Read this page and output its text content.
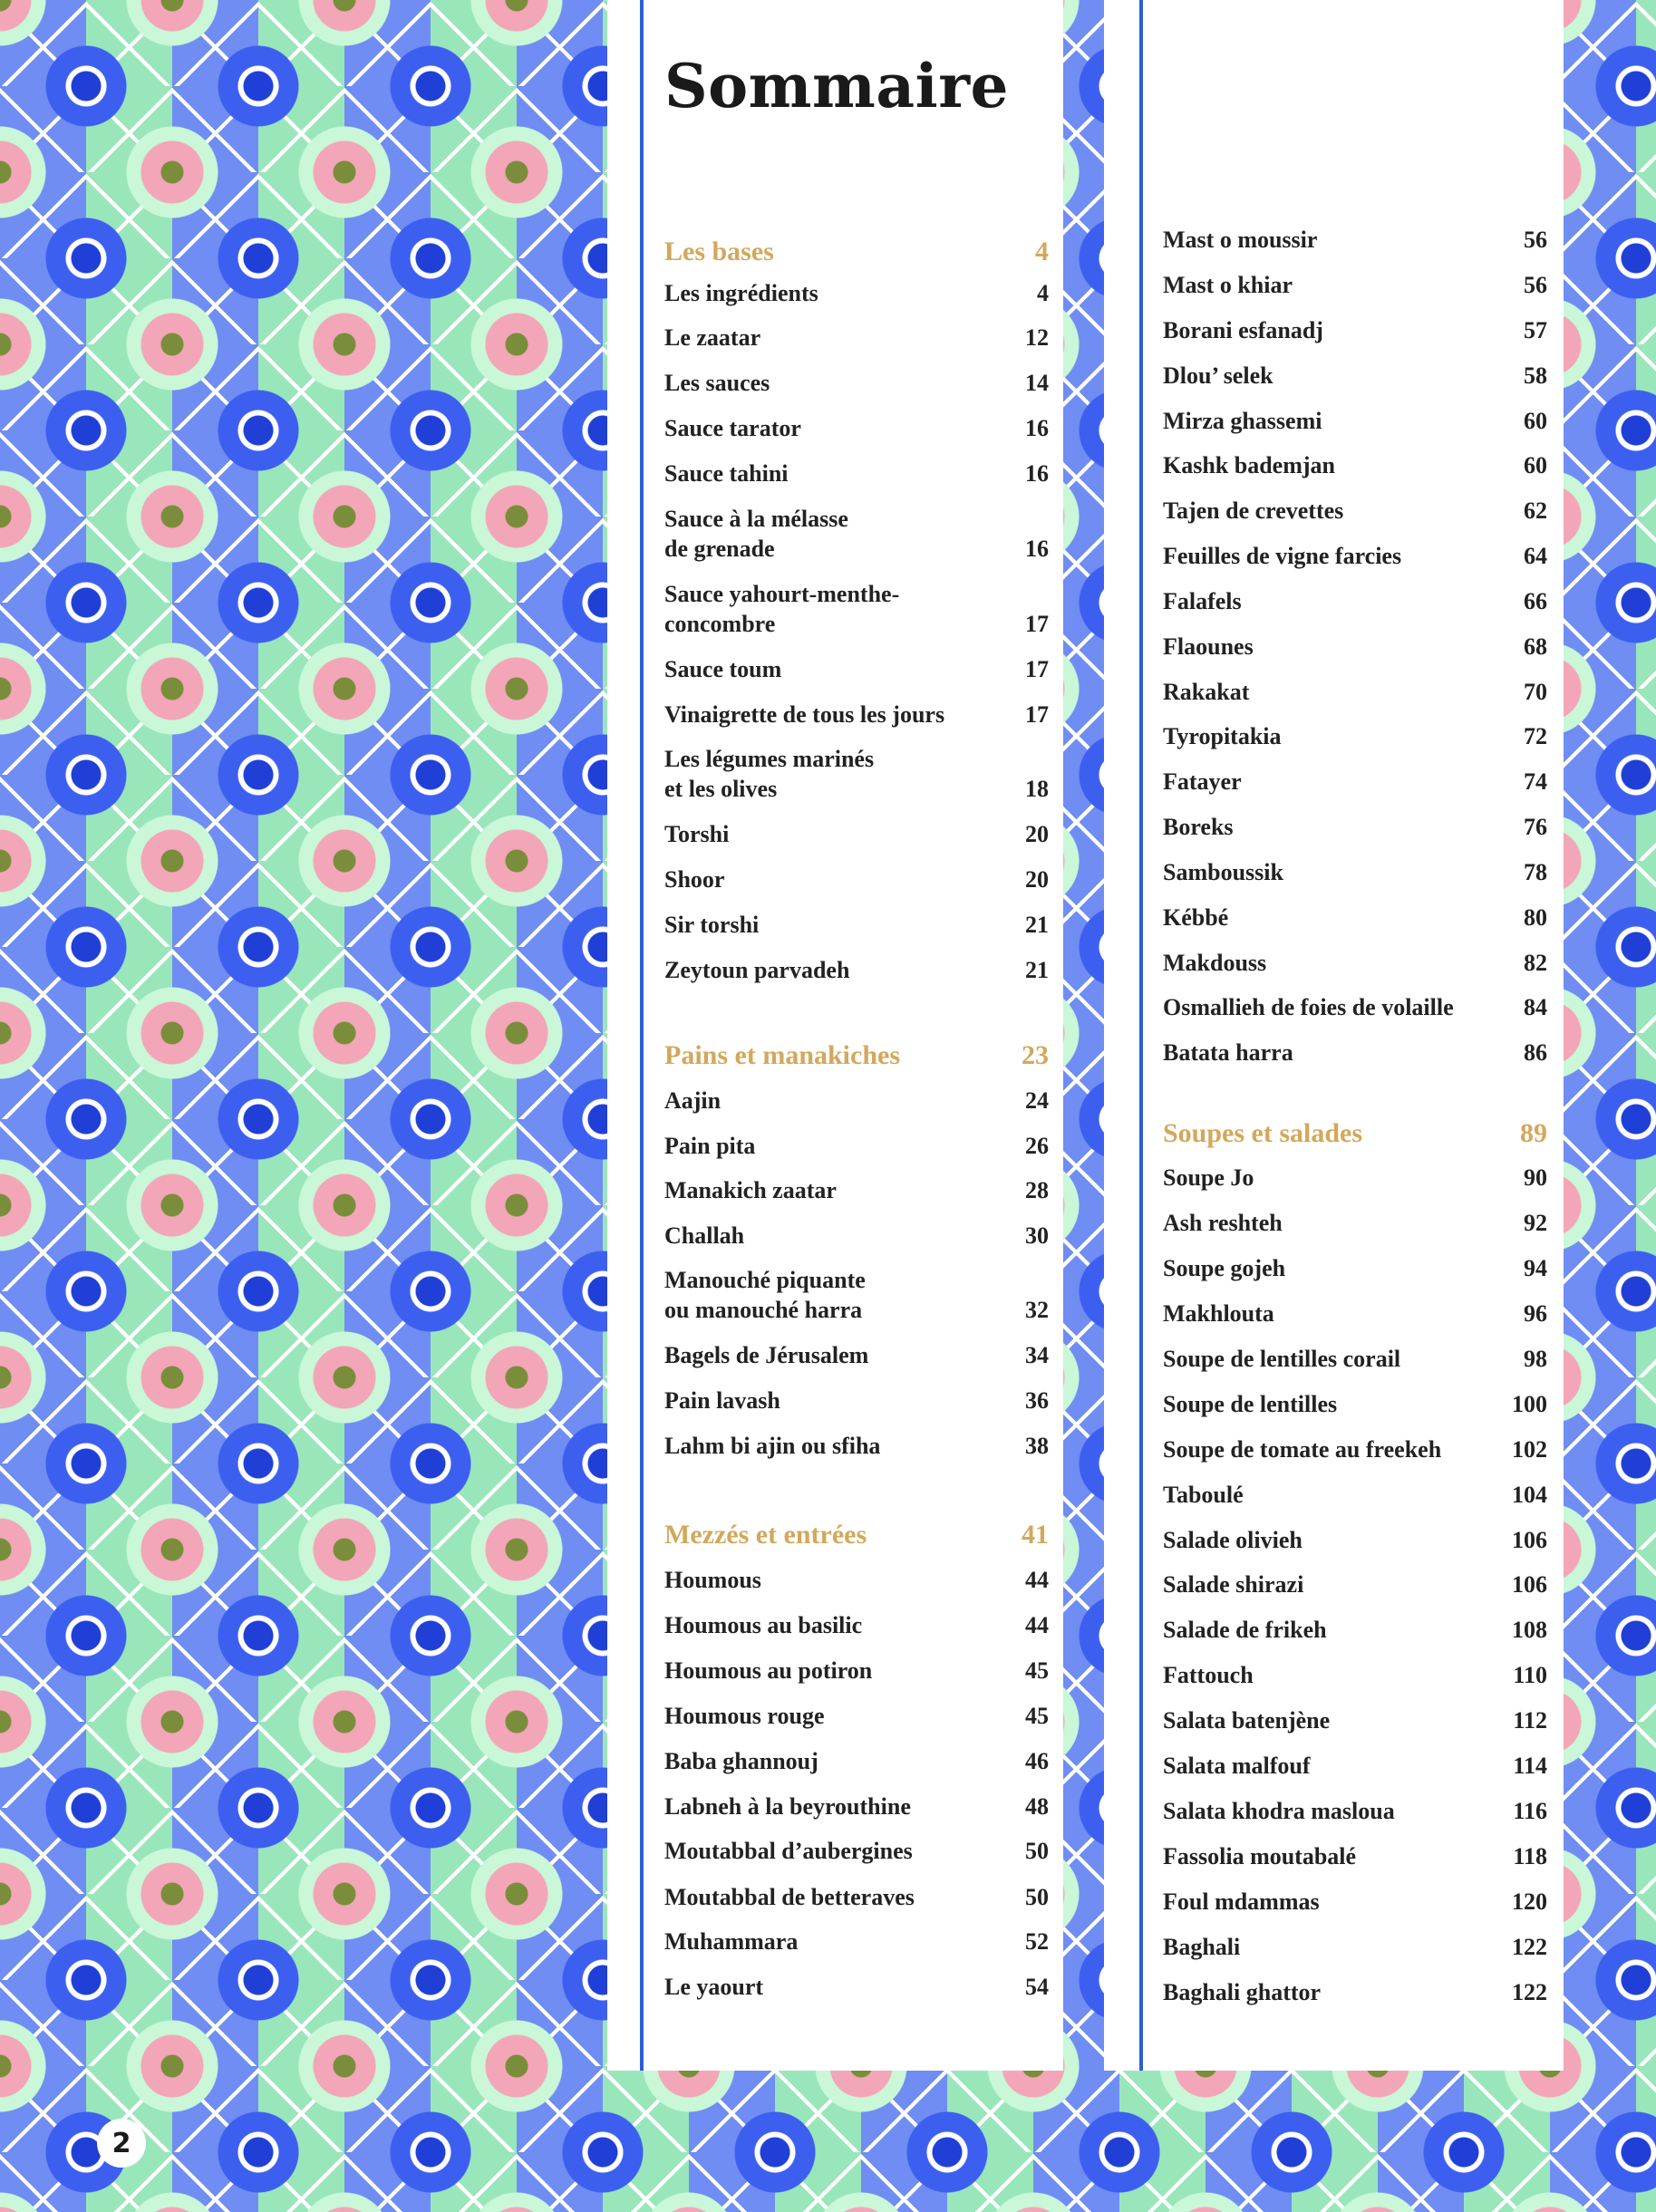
Sommaire
Les bases	4
Les ingrédients	4
Le zaatar	12
Les sauces	14
Sauce tarator	16
Sauce tahini	16
Sauce à la mélasse
de grenade	16
Sauce yahourt-menthe-
concombre	17
Sauce toum	17
Vinaigrette de tous les jours	17
Les légumes marinés
et les olives	18
Torshi	20
Shoor	20
Sir torshi	21
Zeytoun parvadeh	21
Pains et manakiches	23
Aajin	24
Pain pita	26
Manakich zaatar	28
Challah	30
Manouché piquante
ou manouché harra	32
Bagels de Jérusalem	34
Pain lavash	36
Lahm bi ajin ou sfiha	38
Mezzés et entrées	41
Houmous	44
Houmous au basilic	44
Houmous au potiron	45
Houmous rouge	45
Baba ghannouj	46
Labneh à la beyrouthine	48
Moutabbal d’aubergines	50
Moutabbal de betteraves	50
Muhammara	52
Le yaourt	54
Mast o moussir	56
Mast o khiar	56
Borani esfanadj	57
Dlou’ selek	58
Mirza ghassemi	60
Kashk bademjan	60
Tajen de crevettes	62
Feuilles de vigne farcies	64
Falafels	66
Flaounes	68
Rakakat	70
Tyropitakia	72
Fatayer	74
Boreks	76
Samboussik	78
Kébbé	80
Makdouss	82
Osmallieh de foies de volaille	84
Batata harra	86
Soupes et salades	89
Soupe Jo	90
Ash reshteh	92
Soupe gojeh	94
Makhlouta	96
Soupe de lentilles corail	98
Soupe de lentilles	100
Soupe de tomate au freekeh	102
Taboulé	104
Salade olivieh	106
Salade shirazi	106
Salade de frikeh	108
Fattouch	110
Salata batenjène	112
Salata malfouf	114
Salata khodra masloua	116
Fassolia moutabalé	118
Foul mdammas	120
Baghali	122
Baghali ghattor	122
2
